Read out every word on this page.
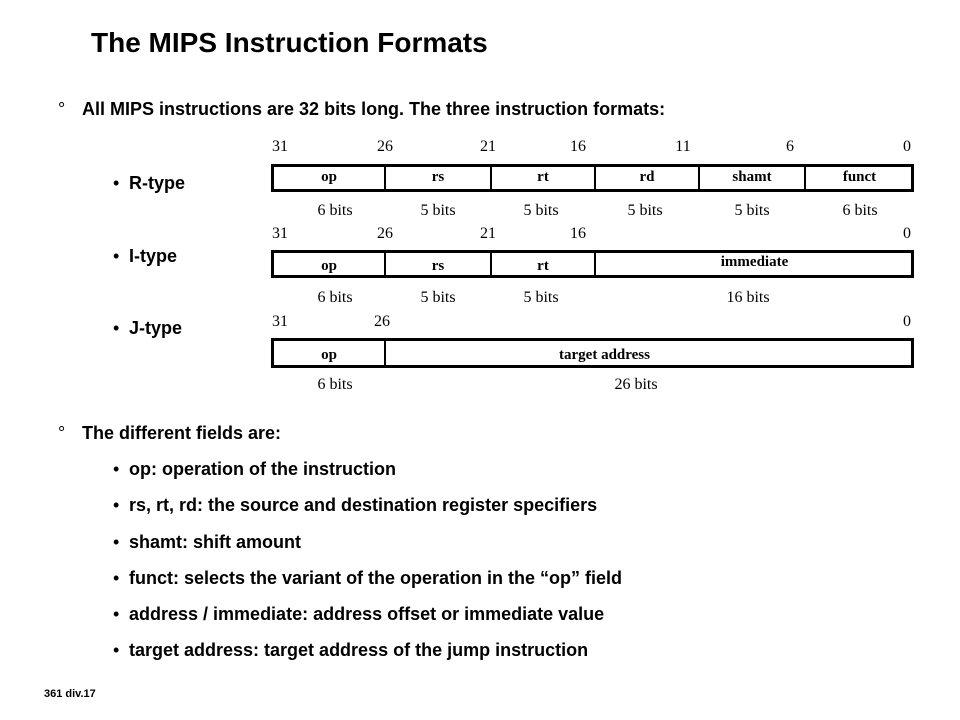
The MIPS Instruction Formats
° All MIPS instructions are 32 bits long. The three instruction formats:
• R-type
• I-type
• J-type
31	26	21	16	11	6	0
op	rs	rt	rd	shamt	funct
6 bits	5 bits	5 bits	5 bits	5 bits	6 bits
31	26	21	16	0
op	rs	rt	immediate
6 bits	5 bits	5 bits	16 bits
31	26	0
op	target address
6 bits	26 bits
° The different fields are:
• op: operation of the instruction
• rs, rt, rd: the source and destination register specifiers
• shamt: shift amount
• funct: selects the variant of the operation in the “op” field
• address / immediate: address offset or immediate value
• target address: target address of the jump instruction
361 div.17
